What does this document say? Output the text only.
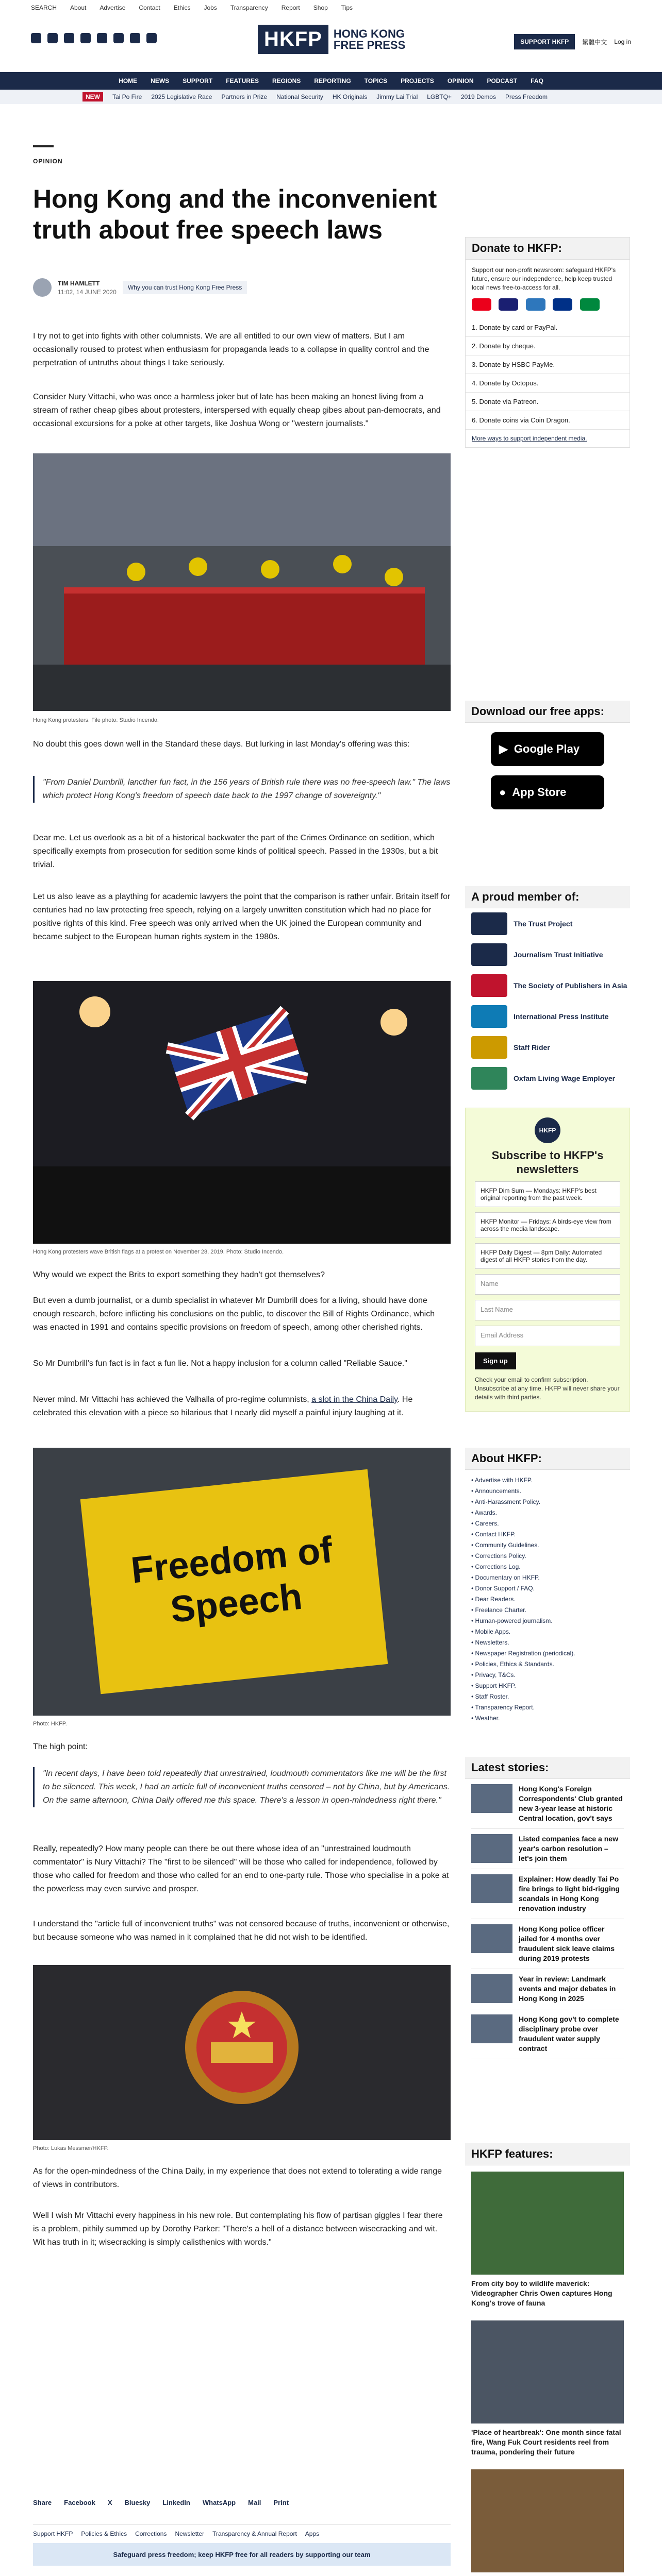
SEARCH About Advertise Contact Ethics Jobs Transparency Report Shop Tips
HKFP	HONG KONG
FREE PRESS	SUPPORT HKFP	繁體中文 Log in
HOME NEWS SUPPORT FEATURES REGIONS REPORTING TOPICS PROJECTS OPINION PODCAST FAQ
NEW	Tai Po Fire 2025 Legislative Race Partners in Prize National Security HK Originals Jimmy Lai Trial LGBTQ+ 2019 Demos Press Freedom
OPINION
Hong Kong and the inconvenient truth about free speech laws
TIM HAMLETT
11:02, 14 JUNE 2020
Why you can trust Hong Kong Free Press

I try not to get into fights with other columnists. We are all entitled to our own view of matters. But I am occasionally roused to protest when enthusiasm for propaganda leads to a collapse in quality control and the perpetration of untruths about things I take seriously.

Consider Nury Vittachi, who was once a harmless joker but of late has been making an honest living from a stream of rather cheap gibes about protesters, interspersed with equally cheap gibes about pan-democrats, and occasional excursions for a poke at other targets, like Joshua Wong or "western journalists."

Hong Kong protesters. File photo: Studio Incendo.

No doubt this goes down well in the Standard these days. But lurking in last Monday's offering was this:

"From Daniel Dumbrill, lancther fun fact, in the 156 years of British rule there was no free-speech law." The laws which protect Hong Kong's freedom of speech date back to the 1997 change of sovereignty."

Dear me. Let us overlook as a bit of a historical backwater the part of the Crimes Ordinance on sedition, which specifically exempts from prosecution for sedition some kinds of political speech. Passed in the 1930s, but a bit trivial.

Let us also leave as a plaything for academic lawyers the point that the comparison is rather unfair. Britain itself for centuries had no law protecting free speech, relying on a largely unwritten constitution which had no place for positive rights of this kind. Free speech was only arrived when the UK joined the European community and became subject to the European human rights system in the 1980s.

Hong Kong protesters wave British flags at a protest on November 28, 2019. Photo: Studio Incendo.

Why would we expect the Brits to export something they hadn't got themselves?

But even a dumb journalist, or a dumb specialist in whatever Mr Dumbrill does for a living, should have done enough research, before inflicting his conclusions on the public, to discover the Bill of Rights Ordinance, which was enacted in 1991 and contains specific provisions on freedom of speech, among other cherished rights.

So Mr Dumbrill's fun fact is in fact a fun lie. Not a happy inclusion for a column called "Reliable Sauce."

Never mind. Mr Vittachi has achieved the Valhalla of pro-regime columnists, a slot in the China Daily. He celebrated this elevation with a piece so hilarious that I nearly did myself a painful injury laughing at it.

Freedom of
Speech
Photo: HKFP.

The high point:

"In recent days, I have been told repeatedly that unrestrained, loudmouth commentators like me will be the first to be silenced. This week, I had an article full of inconvenient truths censored – not by China, but by Americans. On the same afternoon, China Daily offered me this space. There's a lesson in open-mindedness right there."

Really, repeatedly? How many people can there be out there whose idea of an "unrestrained loudmouth commentator" is Nury Vittachi? The "first to be silenced" will be those who called for independence, followed by those who called for freedom and those who called for an end to one-party rule. Those who specialise in a poke at the powerless may even survive and prosper.

I understand the "article full of inconvenient truths" was not censored because of truths, inconvenient or otherwise, but because someone who was named in it complained that he did not wish to be identified.

Photo: Lukas Messmer/HKFP.

As for the open-mindedness of the China Daily, in my experience that does not extend to tolerating a wide range of views in contributors.

Well I wish Mr Vittachi every happiness in his new role. But contemplating his flow of partisan giggles I fear there is a problem, pithily summed up by Dorothy Parker: "There's a hell of a distance between wisecracking and wit. Wit has truth in it; wisecracking is simply calisthenics with words."

Share Facebook X Bluesky LinkedIn WhatsApp Mail Print
Support HKFP Policies & Ethics Corrections Newsletter Transparency & Annual Report Apps
Safeguard press freedom; keep HKFP free for all readers by supporting our team

Donate to HKFP:
Support our non-profit newsroom: safeguard HKFP's future, ensure our independence, help keep trusted local news free-to-access for all.

1. Donate by card or PayPal.
2. Donate by cheque.
3. Donate by HSBC PayMe.
4. Donate by Octopus.
5. Donate via Patreon.
6. Donate coins via Coin Dragon.
More ways to support independent media.
Download our free apps:
▶ Google Play
● App Store
A proud member of:
The Trust Project
Journalism Trust Initiative
The Society of Publishers in Asia
International Press Institute
Staff Rider
Oxfam Living Wage Employer
HKFP
Subscribe to HKFP's newsletters
HKFP Dim Sum — Mondays: HKFP's best original reporting from the past week.
HKFP Monitor — Fridays: A birds-eye view from across the media landscape.
HKFP Daily Digest — 8pm Daily: Automated digest of all HKFP stories from the day.
Name
Last Name
Email Address
Sign up
Check your email to confirm subscription. Unsubscribe at any time. HKFP will never share your details with third parties.
About HKFP:
• Advertise with HKFP.
• Announcements.
• Anti-Harassment Policy.
• Awards.
• Careers.
• Contact HKFP.
• Community Guidelines.
• Corrections Policy.
• Corrections Log.
• Documentary on HKFP.
• Donor Support / FAQ.
• Dear Readers.
• Freelance Charter.
• Human-powered journalism.
• Mobile Apps.
• Newsletters.
• Newspaper Registration (periodical).
• Policies, Ethics & Standards.
• Privacy, T&Cs.
• Support HKFP.
• Staff Roster.
• Transparency Report.
• Weather.
Latest stories:
Hong Kong's Foreign Correspondents' Club granted new 3-year lease at historic Central location, gov't says
Listed companies face a new year's carbon resolution – let's join them
Explainer: How deadly Tai Po fire brings to light bid-rigging scandals in Hong Kong renovation industry
Hong Kong police officer jailed for 4 months over fraudulent sick leave claims during 2019 protests
Year in review: Landmark events and major debates in Hong Kong in 2025
Hong Kong gov't to complete disciplinary probe over fraudulent water supply contract
HKFP features:
From city boy to wildlife maverick: Videographer Chris Owen captures Hong Kong's trove of fauna
'Place of heartbreak': One month since fatal fire, Wang Fuk Court residents reel from trauma, pondering their future
